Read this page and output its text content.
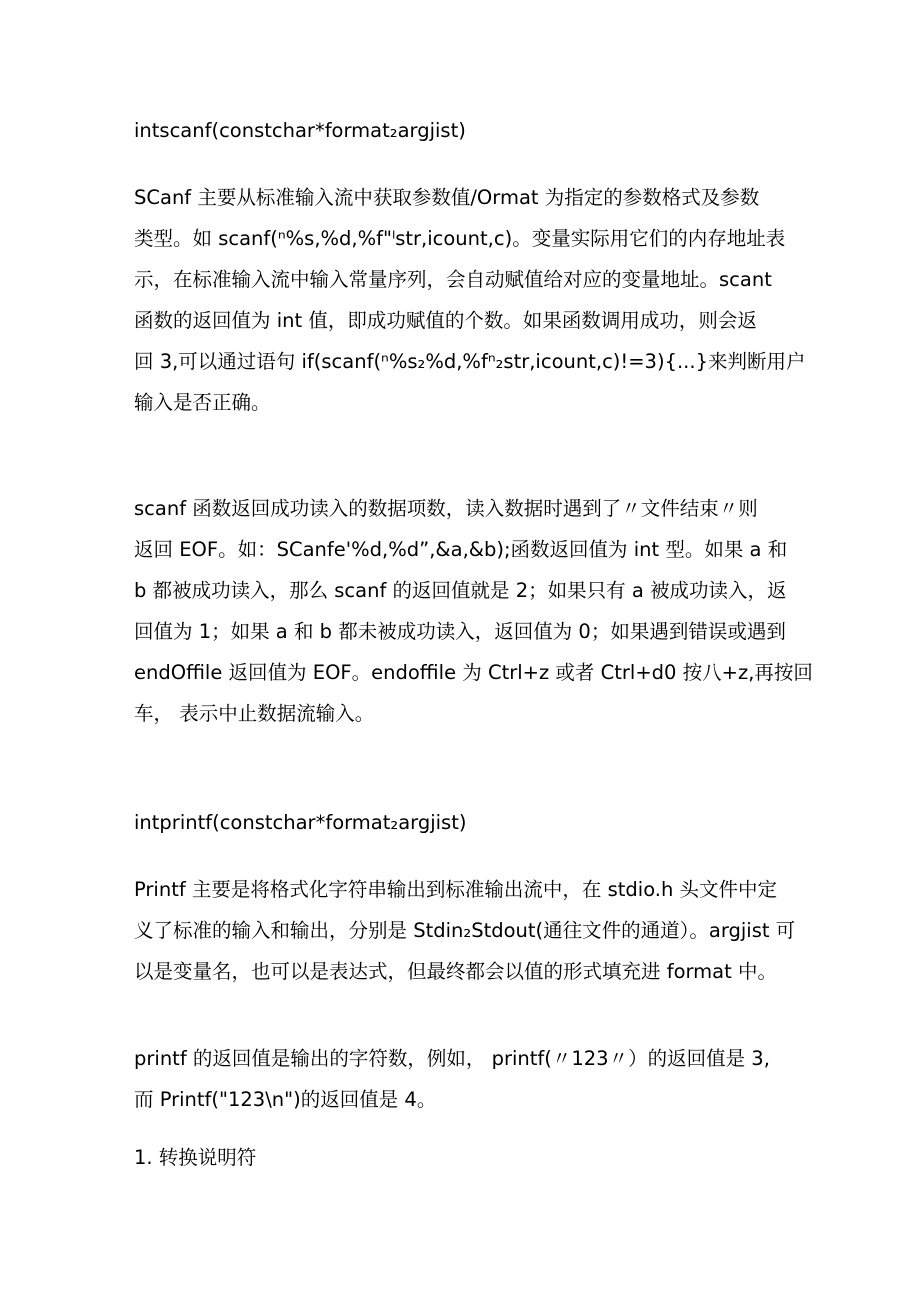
intscanf(constchar*format₂argjist)
SCanf 主要从标准输入流中获取参数值/Ormat 为指定的参数格式及参数
类型。如 scanf(ⁿ%s,%d,%f"ˡstr,icount,c)。变量实际用它们的内存地址表
示，在标准输入流中输入常量序列，会自动赋值给对应的变量地址。scant
函数的返回值为 int 值，即成功赋值的个数。如果函数调用成功，则会返
回 3,可以通过语句 if(scanf(ⁿ%s₂%d,%fⁿ₂str,icount,c)!=3){...}来判断用户
输入是否正确。
scanf 函数返回成功读入的数据项数，读入数据时遇到了〃文件结束〃则
返回 EOF。如：SCanfe'%d,%d”,&a,&b);函数返回值为 int 型。如果 a 和
b 都被成功读入，那么 scanf 的返回值就是 2；如果只有 a 被成功读入，返
回值为 1；如果 a 和 b 都未被成功读入，返回值为 0；如果遇到错误或遇到
endOffile 返回值为 EOF。endoffile 为 Ctrl+z 或者 Ctrl+d0 按八+z,再按回
车， 表示中止数据流输入。
intprintf(constchar*format₂argjist)
Printf 主要是将格式化字符串输出到标准输出流中，在 stdio.h 头文件中定
义了标准的输入和输出，分别是 Stdin₂Stdout(通往文件的通道）。argjist 可
以是变量名，也可以是表达式，但最终都会以值的形式填充进 format 中。
printf 的返回值是输出的字符数，例如， printf(〃123〃）的返回值是 3,
而 Printf("123\n")的返回值是 4。
1. 转换说明符
